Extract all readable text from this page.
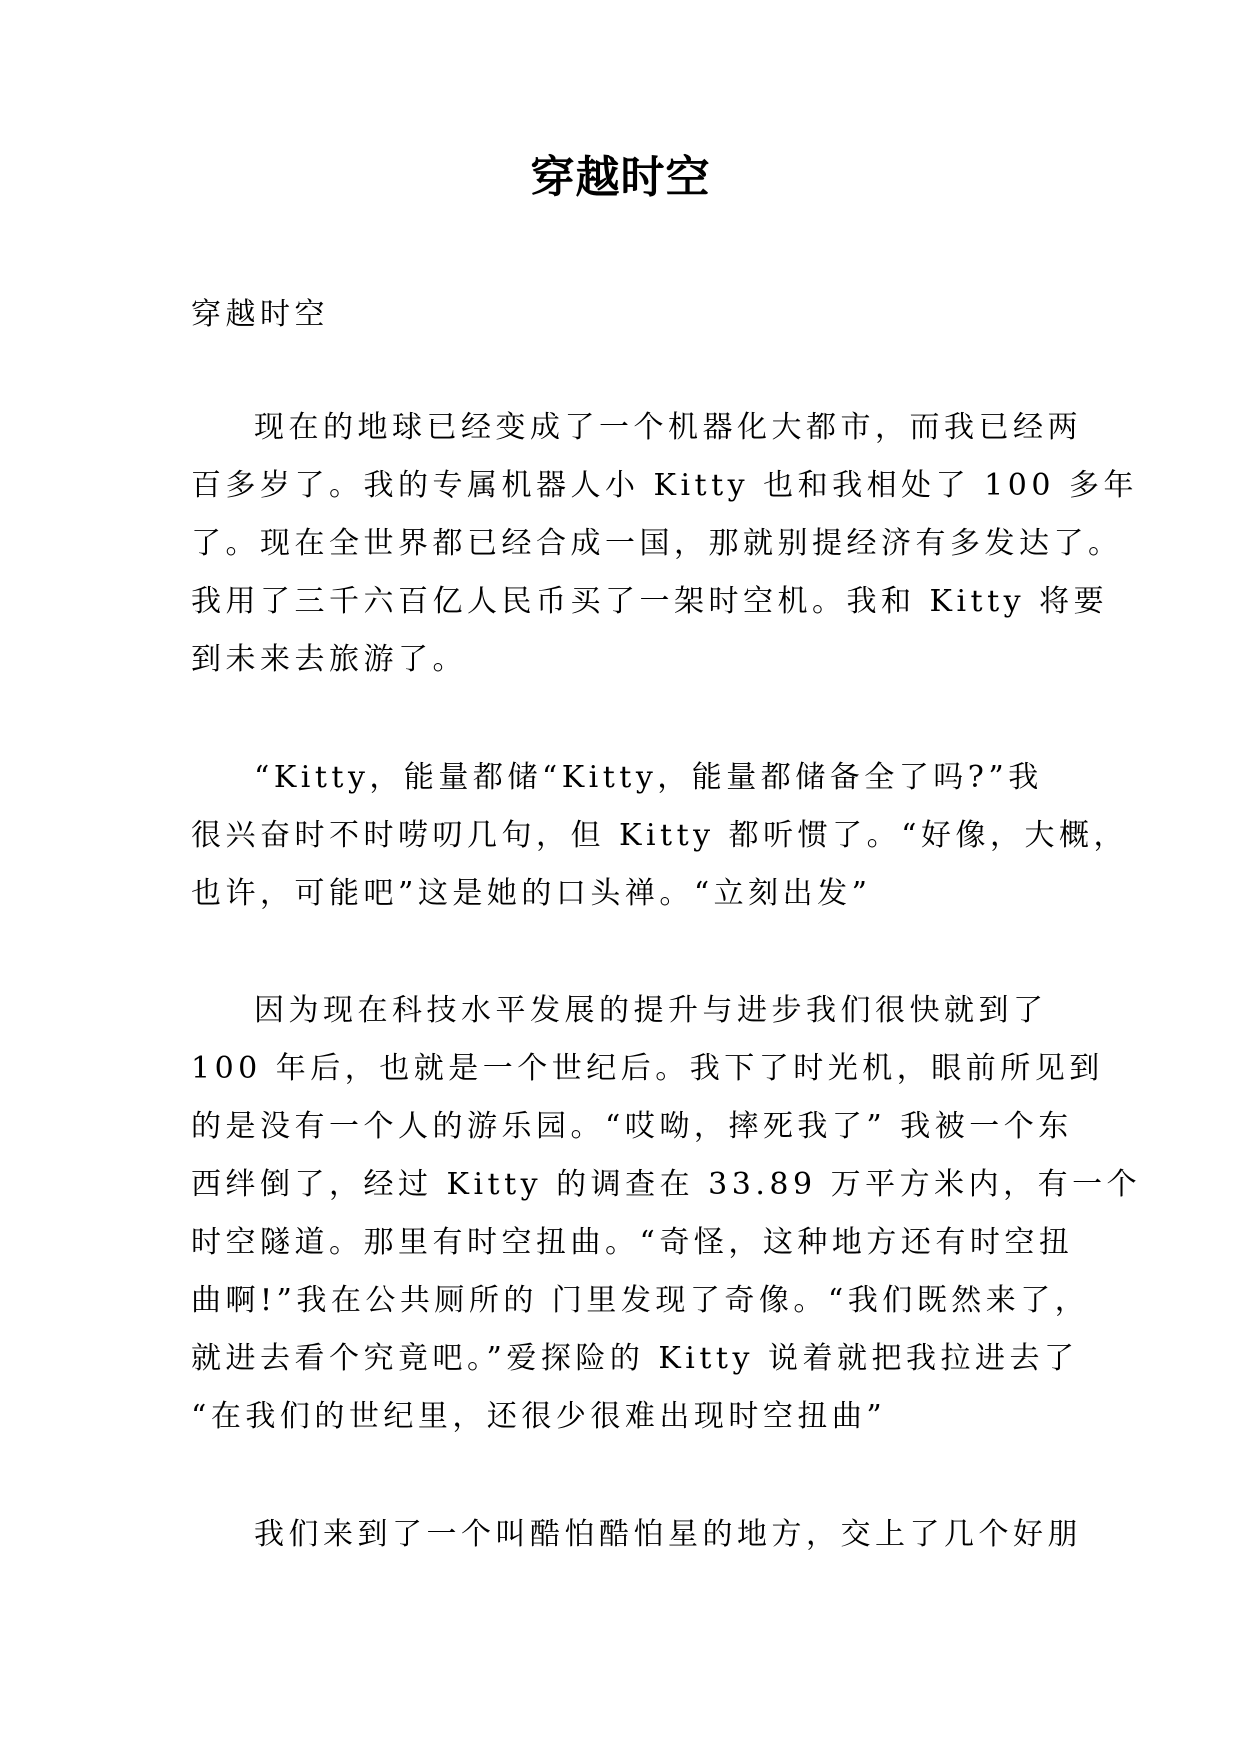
穿越时空
穿越时空
现在的地球已经变成了一个机器化大都市，而我已经两
百多岁了。我的专属机器人小 Kitty 也和我相处了 100 多年
了。现在全世界都已经合成一国，那就别提经济有多发达了。
我用了三千六百亿人民币买了一架时空机。我和 Kitty 将要
到未来去旅游了。
“Kitty，能量都储“Kitty，能量都储备全了吗?”我
很兴奋时不时唠叨几句，但 Kitty 都听惯了。“好像，大概，
也许，可能吧”这是她的口头禅。“立刻出发”
因为现在科技水平发展的提升与进步我们很快就到了
100 年后，也就是一个世纪后。我下了时光机，眼前所见到
的是没有一个人的游乐园。“哎呦，摔死我了” 我被一个东
西绊倒了，经过 Kitty 的调查在 33.89 万平方米内，有一个
时空隧道。那里有时空扭曲。“奇怪，这种地方还有时空扭
曲啊!”我在公共厕所的 门里发现了奇像。“我们既然来了，
就进去看个究竟吧。”爱探险的 Kitty 说着就把我拉进去了
“在我们的世纪里，还很少很难出现时空扭曲”
我们来到了一个叫酷怕酷怕星的地方，交上了几个好朋
